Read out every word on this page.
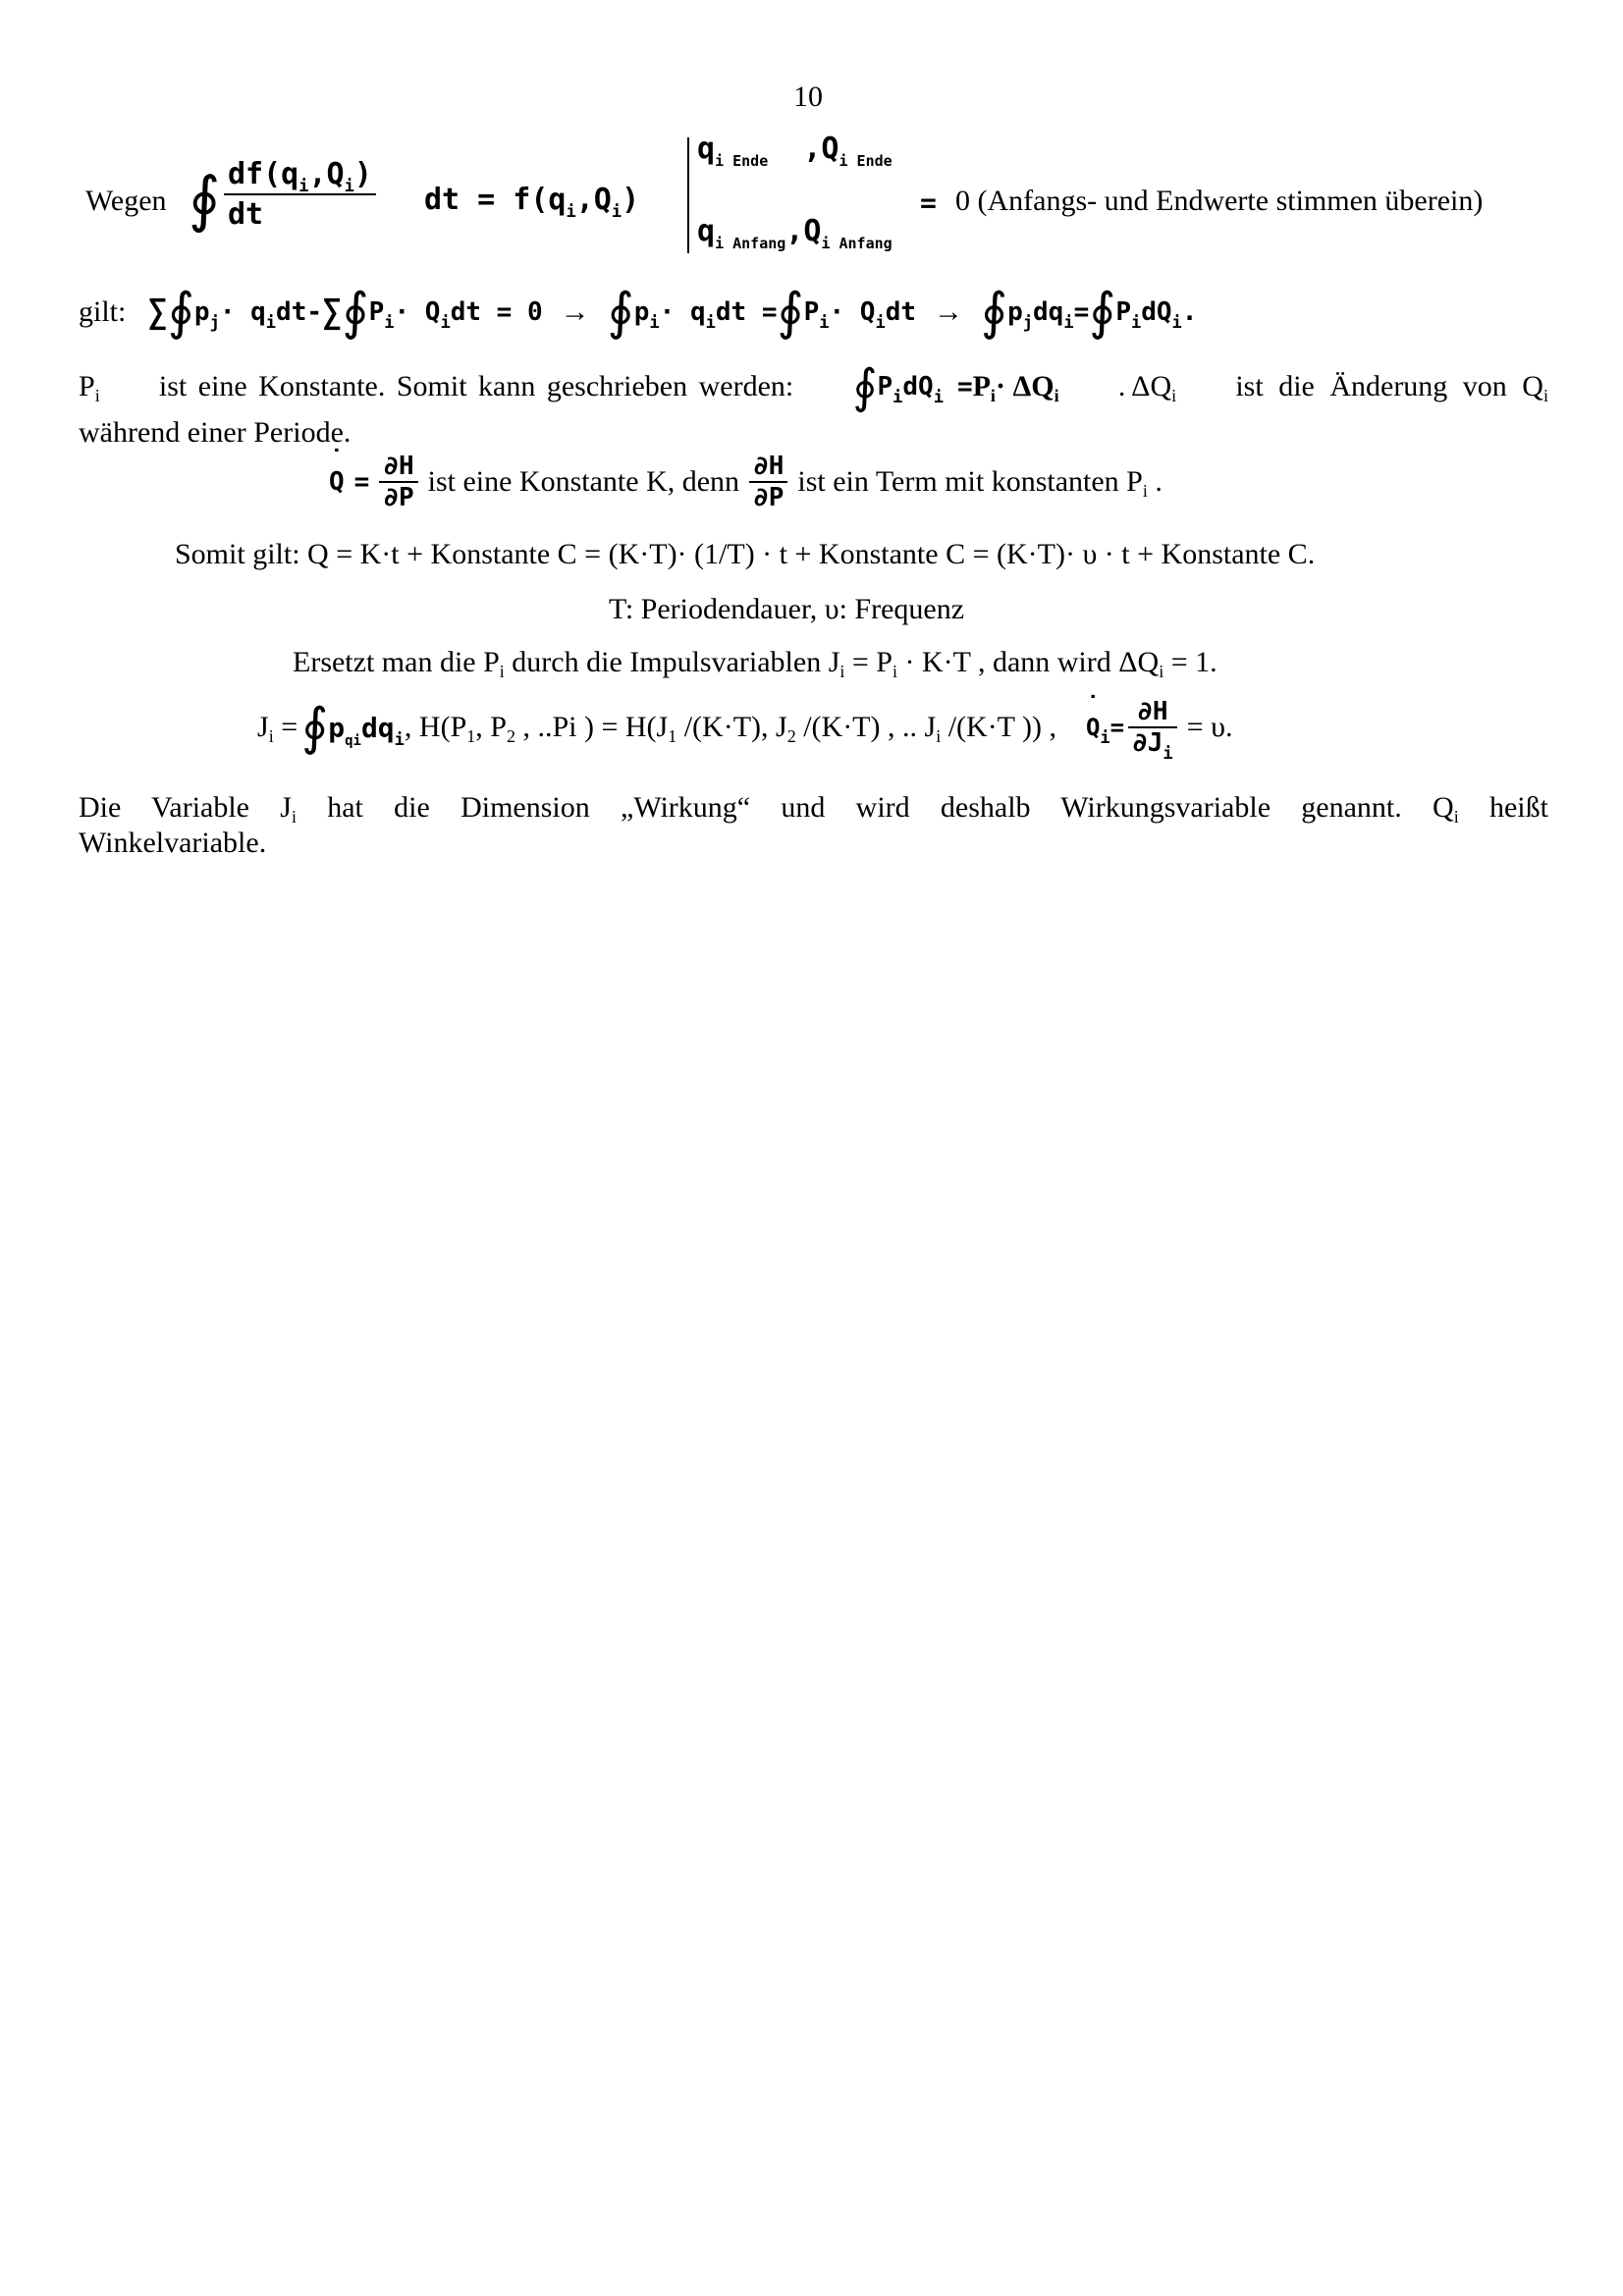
10
Wegen ∮ $df(q_i,Q_i)$
dt	dt = $f(q_i,Q_i)$
$q_{i Ende}$ $,Q_{i Ende}$
$q_{i Anfang},Q_{i Anfang}$
= 0 (Anfangs- und Endwerte stimmen überein)
gilt: ∑ ∮ $p_j\cdot q_idt-$ ∑ ∮ $P_i\cdot Q_idt = 0$ → ∮ $p_i\cdot q_idt$ = ∮ $P_i\cdot Q_idt$ → ∮ $p_jdq_i=$ ∮ $P_idQ_i$.
$P_i$ ist eine Konstante. Somit kann geschrieben werden: ∮ $P_idQ_i = P_i\cdot \Delta Q_i$ . $\Delta Q_i$ ist die Änderung von $Q_i$
während einer Periode.
˙ $Q = \frac{\partial H}{\partial P}$ ist eine Konstante K, denn $\frac{\partial H}{\partial P}$ ist ein Term mit konstanten $P_i$ .
Somit gilt: Q = K·t + Konstante C = (K·T)· (1/T) · t + Konstante C = (K·T)· υ · t + Konstante C.
T: Periodendauer, υ: Frequenz
Ersetzt man die $P_i$ durch die Impulsvariablen $J_i = P_i \cdot K\cdot T$ , dann wird $\Delta Q_i = 1$.
$J_i$ = ∮ $p_{qi}dq_i$ , $H(P_1$, $P_2$ , ..Pi ) = $H(J_1$ /(K·T), $J_2$ /(K·T) , .. $J_i$ /(K·T )) ,
˙ $Q_i= \frac{\partial H}{\partial J_i} = \upsilon$.
Die Variable $J_i$ hat die Dimension „Wirkung“ und wird deshalb Wirkungsvariable genannt. $Q_i$ heißt
Winkelvariable.
